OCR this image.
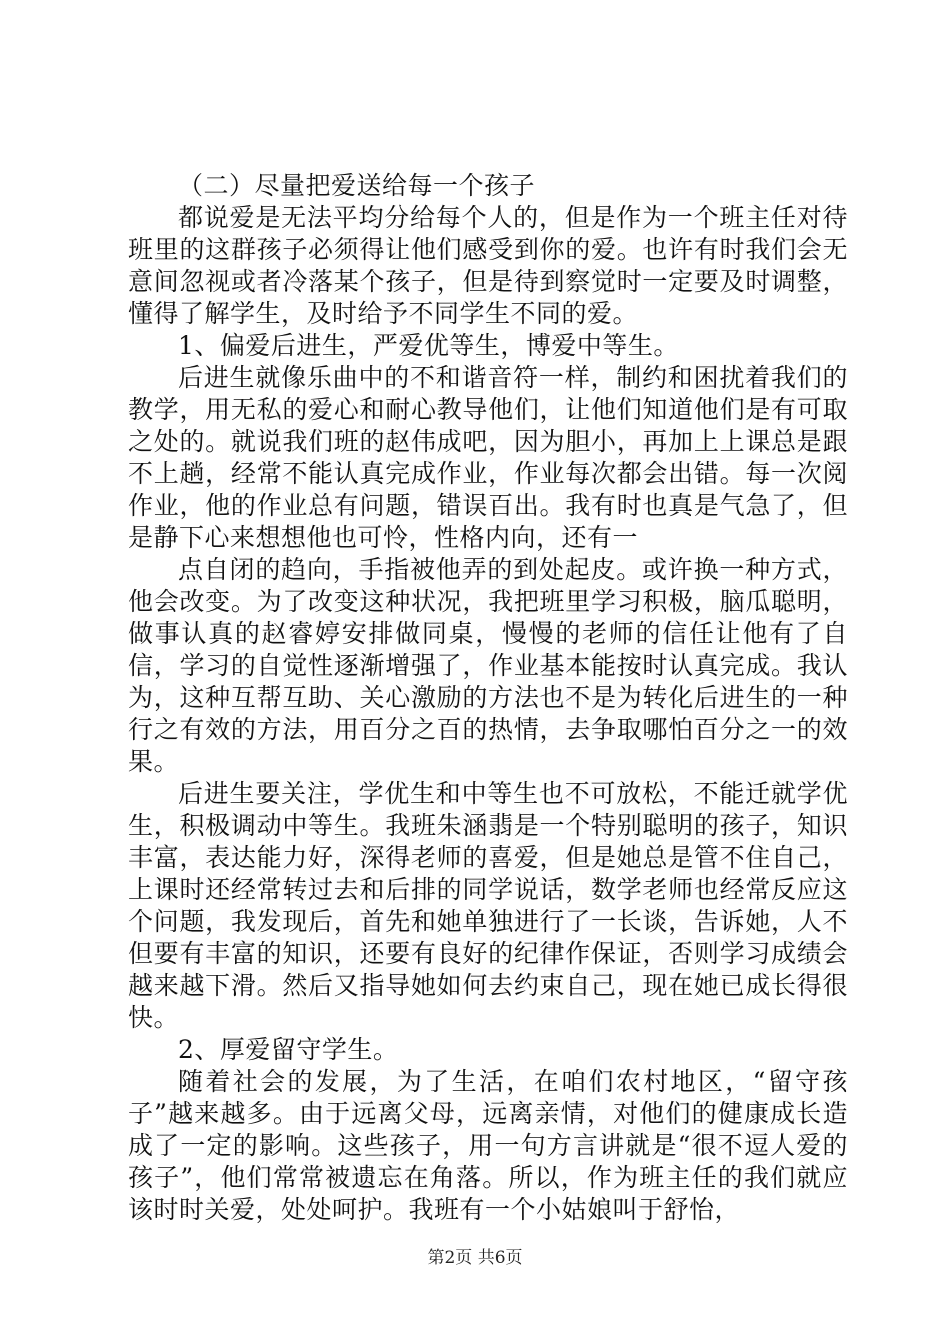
（二）尽量把爱送给每一个孩子

都说爱是无法平均分给每个人的，但是作为一个班主任对待班里的这群孩子必须得让他们感受到你的爱。也许有时我们会无意间忽视或者冷落某个孩子，但是待到察觉时一定要及时调整，懂得了解学生，及时给予不同学生不同的爱。

1、偏爱后进生，严爱优等生，博爱中等生。

后进生就像乐曲中的不和谐音符一样，制约和困扰着我们的教学，用无私的爱心和耐心教导他们，让他们知道他们是有可取之处的。就说我们班的赵伟成吧，因为胆小，再加上上课总是跟不上趟，经常不能认真完成作业，作业每次都会出错。每一次阅作业，他的作业总有问题，错误百出。我有时也真是气急了，但是静下心来想想他也可怜，性格内向，还有一

点自闭的趋向，手指被他弄的到处起皮。或许换一种方式，他会改变。为了改变这种状况，我把班里学习积极，脑瓜聪明，做事认真的赵睿婷安排做同桌，慢慢的老师的信任让他有了自信，学习的自觉性逐渐增强了，作业基本能按时认真完成。我认为，这种互帮互助、关心激励的方法也不是为转化后进生的一种行之有效的方法，用百分之百的热情，去争取哪怕百分之一的效果。

后进生要关注，学优生和中等生也不可放松，不能迁就学优生，积极调动中等生。我班朱涵翡是一个特别聪明的孩子，知识丰富，表达能力好，深得老师的喜爱，但是她总是管不住自己，上课时还经常转过去和后排的同学说话，数学老师也经常反应这个问题，我发现后，首先和她单独进行了一长谈，告诉她，人不但要有丰富的知识，还要有良好的纪律作保证，否则学习成绩会越来越下滑。然后又指导她如何去约束自己，现在她已成长得很快。

2、厚爱留守学生。

随着社会的发展，为了生活，在咱们农村地区，“留守孩子”越来越多。由于远离父母，远离亲情，对他们的健康成长造成了一定的影响。这些孩子，用一句方言讲就是“很不逗人爱的孩子”，他们常常被遗忘在角落。所以，作为班主任的我们就应该时时关爱，处处呵护。我班有一个小姑娘叫于舒怡，

第2页 共6页
